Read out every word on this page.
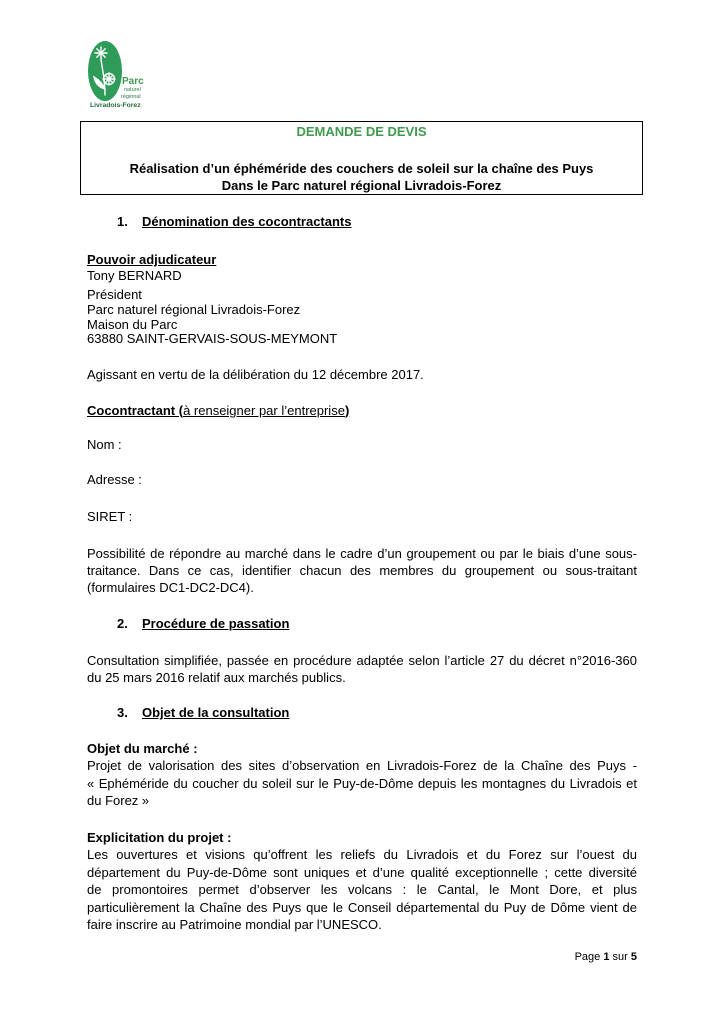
Parc
naturel
régional
Livradois-Forez
DEMANDE DE DEVIS
Réalisation d’un éphéméride des couchers de soleil sur la chaîne des Puys
Dans le Parc naturel régional Livradois-Forez
1. Dénomination des cocontractants
Pouvoir adjudicateur
Tony BERNARD
Président
Parc naturel régional Livradois-Forez
Maison du Parc
63880 SAINT-GERVAIS-SOUS-MEYMONT
Agissant en vertu de la délibération du 12 décembre 2017.
Cocontractant (à renseigner par l’entreprise)
Nom :
Adresse :
SIRET :
Possibilité de répondre au marché dans le cadre d’un groupement ou par le biais d’une sous-
traitance. Dans ce cas, identifier chacun des membres du groupement ou sous-traitant
(formulaires DC1-DC2-DC4).
2. Procédure de passation
Consultation simplifiée, passée en procédure adaptée selon l’article 27 du décret n°2016-360
du 25 mars 2016 relatif aux marchés publics.
3. Objet de la consultation
Objet du marché :
Projet de valorisation des sites d’observation en Livradois-Forez de la Chaîne des Puys -
« Ephéméride du coucher du soleil sur le Puy-de-Dôme depuis les montagnes du Livradois et
du Forez »
Explicitation du projet :
Les ouvertures et visions qu’offrent les reliefs du Livradois et du Forez sur l’ouest du
département du Puy-de-Dôme sont uniques et d’une qualité exceptionnelle ; cette diversité
de promontoires permet d’observer les volcans : le Cantal, le Mont Dore, et plus
particulièrement la Chaîne des Puys que le Conseil départemental du Puy de Dôme vient de
faire inscrire au Patrimoine mondial par l’UNESCO.
Page 1 sur 5
